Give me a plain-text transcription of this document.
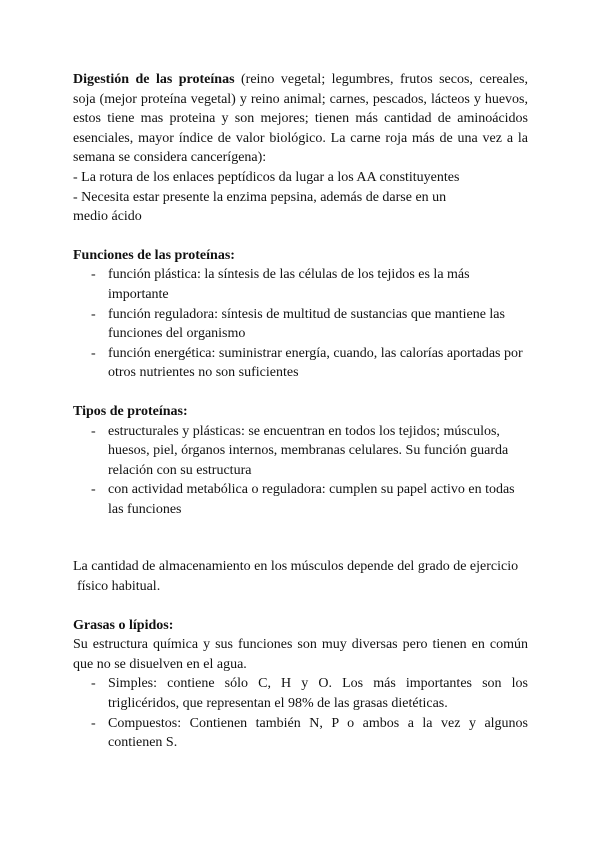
Digestión de las proteínas (reino vegetal; legumbres, frutos secos, cereales,

soja (mejor proteína vegetal) y reino animal; carnes, pescados, lácteos y huevos,

estos tiene mas proteina y son mejores; tienen más cantidad de aminoácidos

esenciales, mayor índice de valor biológico. La carne roja más de una vez a la

semana se considera cancerígena):

- La rotura de los enlaces peptídicos da lugar a los AA constituyentes

- Necesita estar presente la enzima pepsina, además de darse en un

medio ácido

Funciones de las proteínas:

- función plástica: la síntesis de las células de los tejidos es la más
importante
- función reguladora: síntesis de multitud de sustancias que mantiene las
funciones del organismo
- función energética: suministrar energía, cuando, las calorías aportadas por
otros nutrientes no son suficientes

Tipos de proteínas:

- estructurales y plásticas: se encuentran en todos los tejidos; músculos,
huesos, piel, órganos internos, membranas celulares. Su función guarda
relación con su estructura
- con actividad metabólica o reguladora: cumplen su papel activo en todas
las funciones

La cantidad de almacenamiento en los músculos depende del grado de ejercicio

físico habitual.

Grasas o lípidos:

Su estructura química y sus funciones son muy diversas pero tienen en común

que no se disuelven en el agua.

- Simples: contiene sólo C, H y O. Los más importantes son los
triglicéridos, que representan el 98% de las grasas dietéticas.
- Compuestos: Contienen también N, P o ambos a la vez y algunos
contienen S.
